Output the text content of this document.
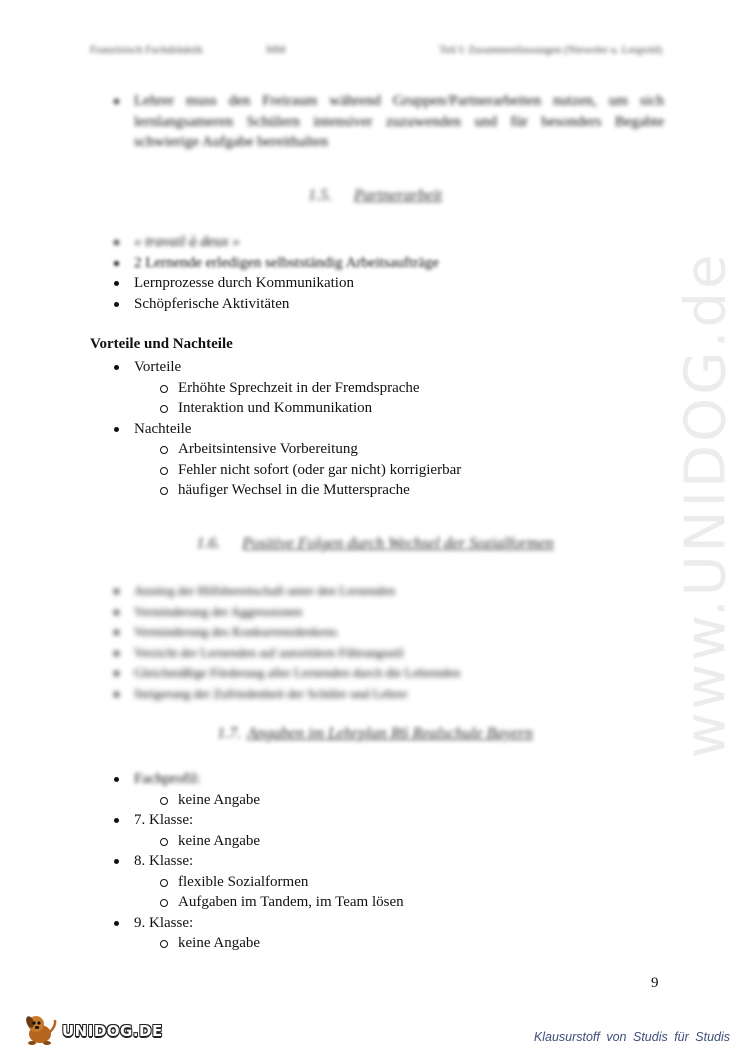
www.UNIDOG.de
Französisch Fachdidaktik	MM	Teil I: Zusammenfassungen (Nieweler u. Leupold)
Lehrer muss den Freiraum während Gruppen/Partnerarbeiten nutzen, um sich lernlangsameren Schülern intensiver zuzuwenden und für besonders Begabte schwierige Aufgabe bereithalten
1.5. Partnerarbeit
« travail à deux »
2 Lernende erledigen selbstständig Arbeitsaufträge
Lernprozesse durch Kommunikation
Schöpferische Aktivitäten
Vorteile und Nachteile
Vorteile
Erhöhte Sprechzeit in der Fremdsprache
Interaktion und Kommunikation
Nachteile
Arbeitsintensive Vorbereitung
Fehler nicht sofort (oder gar nicht) korrigierbar
häufiger Wechsel in die Muttersprache
1.6. Positive Folgen durch Wechsel der Sozialformen
Anstieg der Hilfsbereitschaft unter den Lernenden
Verminderung der Aggressionen
Verminderung des Konkurrenzdenkens
Verzicht der Lernenden auf autoritären Führungsstil
Gleichmäßige Förderung aller Lernenden durch die Lehrenden
Steigerung der Zufriedenheit der Schüler und Lehrer
1.7. Angaben im Lehrplan R6 Realschule Bayern
Fachprofil:
keine Angabe
7. Klasse:
keine Angabe
8. Klasse:
flexible Sozialformen
Aufgaben im Tandem, im Team lösen
9. Klasse:
keine Angabe
9
UNIDOG.DE	Klausurstoff von Studis für Studis
